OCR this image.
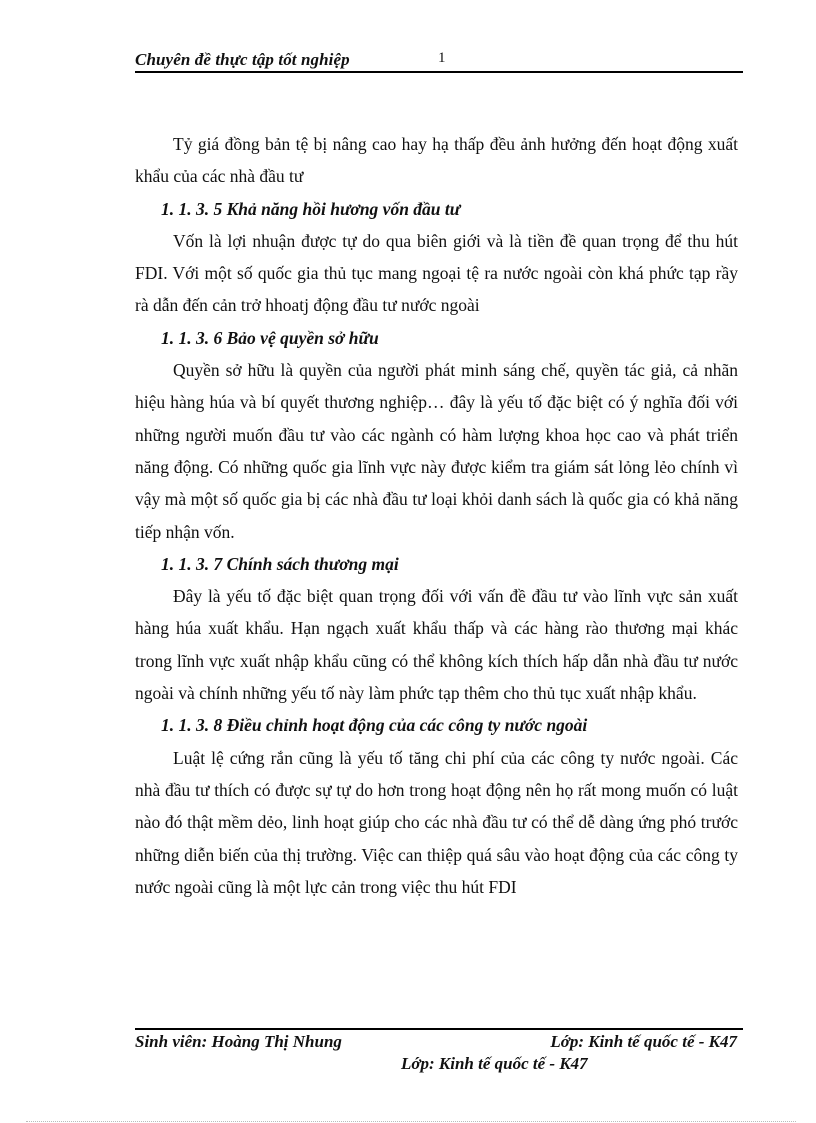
Chuyên đề thực tập tốt nghiệp	1

Tỷ giá đồng bản tệ bị nâng cao hay hạ thấp đều ảnh hưởng đến hoạt động xuất khẩu của các nhà đầu tư

1. 1. 3. 5 Khả năng hồi hương vốn đầu tư

Vốn là lợi nhuận được tự do qua biên giới và là tiền đề quan trọng để thu hút FDI. Với một số quốc gia thủ tục mang ngoại tệ ra nước ngoài còn khá phức tạp rầy rà dẫn đến cản trở hhoatj động đầu tư nước ngoài

1. 1. 3. 6 Bảo vệ quyền sở hữu

Quyền sở hữu là quyền của người phát minh sáng chế, quyền tác giả, cả nhãn hiệu hàng húa và bí quyết thương nghiệp… đây là yếu tố đặc biệt có ý nghĩa đối với những người muốn đầu tư vào các ngành có hàm lượng khoa học cao và phát triển năng động. Có những quốc gia lĩnh vực này được kiểm tra giám sát lỏng lẻo chính vì vậy mà một số quốc gia bị các nhà đầu tư loại khỏi danh sách là quốc gia có khả năng tiếp nhận vốn.

1. 1. 3. 7 Chính sách thương mại

Đây là yếu tố đặc biệt quan trọng đối với vấn đề đầu tư vào lĩnh vực sản xuất hàng húa xuất khẩu. Hạn ngạch xuất khẩu thấp và các hàng rào thương mại khác trong lĩnh vực xuất nhập khẩu cũng có thể không kích thích hấp dẫn nhà đầu tư nước ngoài và chính những yếu tố này làm phức tạp thêm cho thủ tục xuất nhập khẩu.

1. 1. 3. 8 Điều chỉnh hoạt động của các công ty nước ngoài

Luật lệ cứng rắn cũng là yếu tố tăng chi phí của các công ty nước ngoài. Các nhà đầu tư thích có được sự tự do hơn trong hoạt động nên họ rất mong muốn có luật nào đó thật mềm dẻo, linh hoạt giúp cho các nhà đầu tư có thể dễ dàng ứng phó trước những diễn biến của thị trường. Việc can thiệp quá sâu vào hoạt động của các công ty nước ngoài cũng là một lực cản trong việc thu hút FDI

Sinh viên: Hoàng Thị Nhung	Lớp: Kinh tế quốc tế - K47
Lớp: Kinh tế quốc tế - K47
